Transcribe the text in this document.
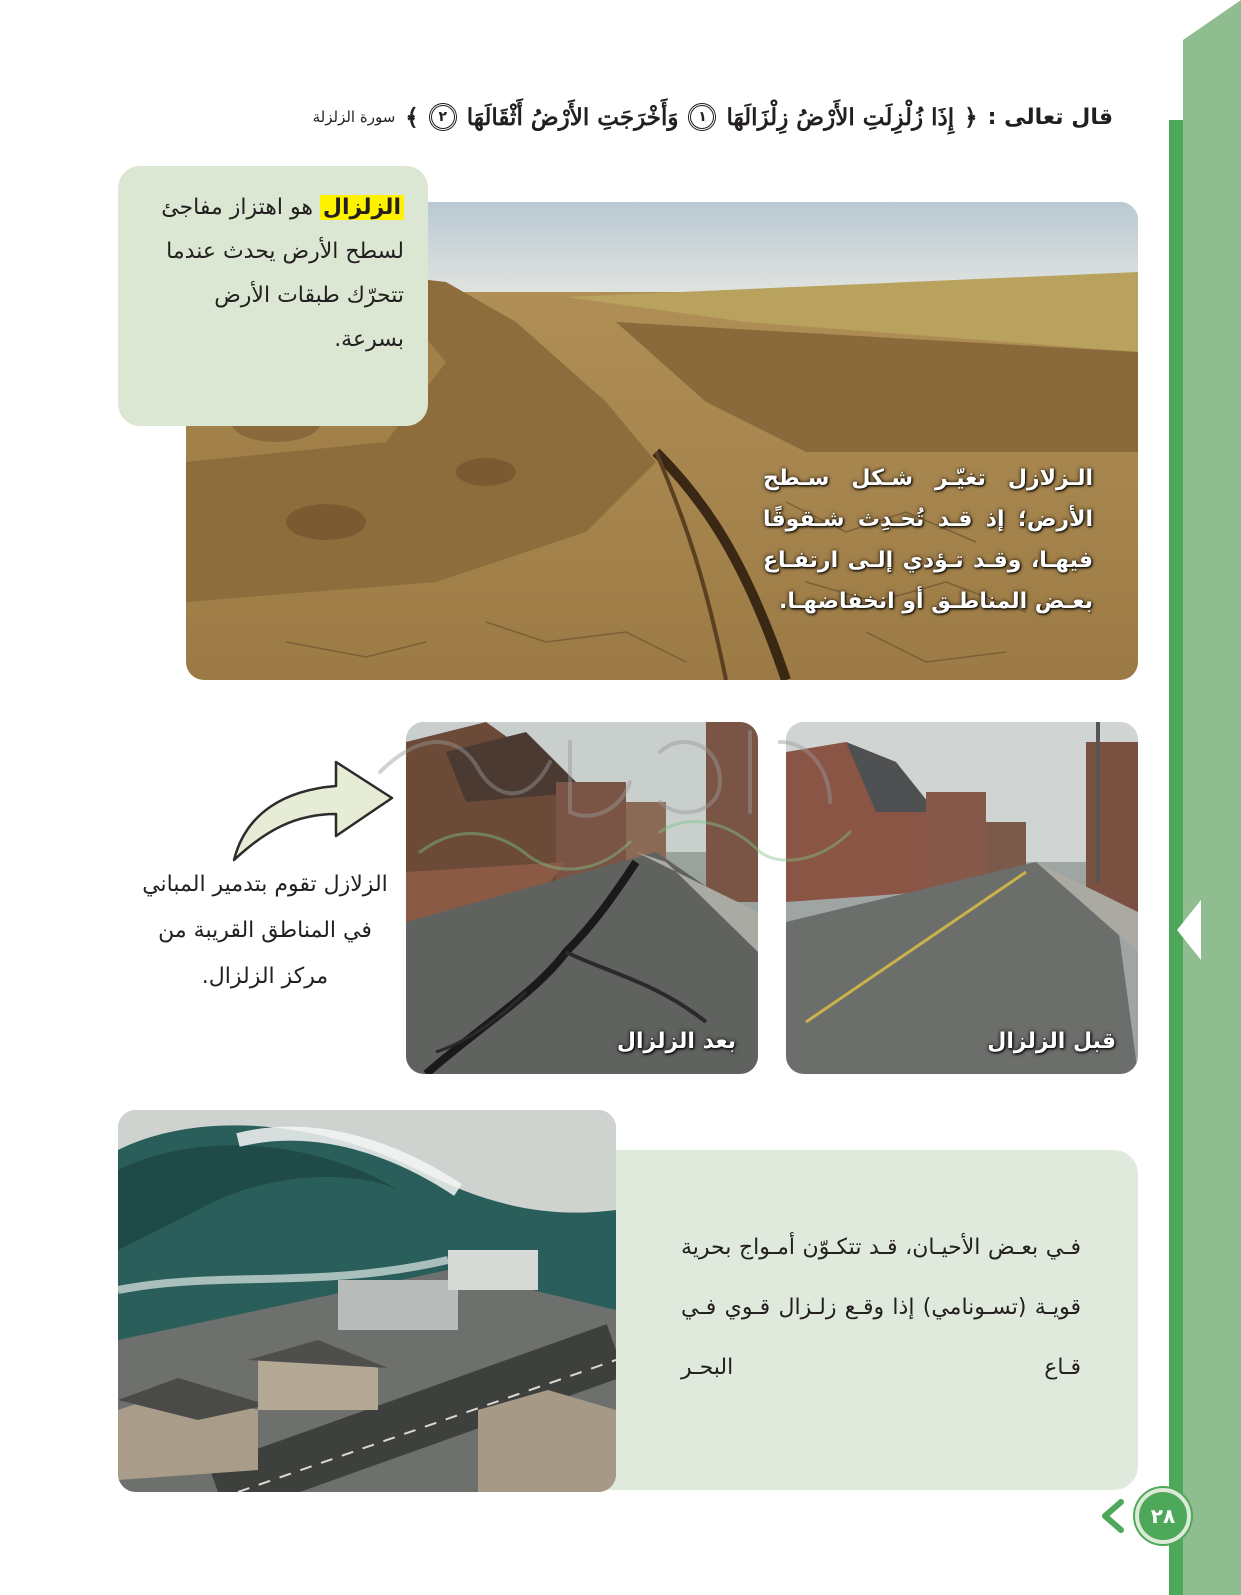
قال تعالى :
﴿
إِذَا زُلْزِلَتِ الأَرْضُ زِلْزَالَهَا
١
وَأَخْرَجَتِ الأَرْضُ أَثْقَالَهَا
٢
﴾
سورة الزلزلة
الـزلازل تغيّـر شـكل سـطح الأرض؛ إذ قـد تُحـدِث شـقوقًا فيهـا، وقـد تـؤدي إلـى ارتفـاع بعـض المناطـق أو انخفاضهـا.
الزلزال هو اهتزاز مفاجئ لسطح الأرض يحدث عندما تتحرّك طبقات الأرض بسرعة.
بعد الزلزال	قبل الزلزال
الزلازل تقوم بتدمير المباني في المناطق القريبة من مركز الزلزال.
فـي بعـض الأحيـان، قـد تتكـوّن أمـواج بحرية قويـة (تسـونامي) إذا وقـع زلـزال قـوي فـي قـاع البحـر
٢٨
